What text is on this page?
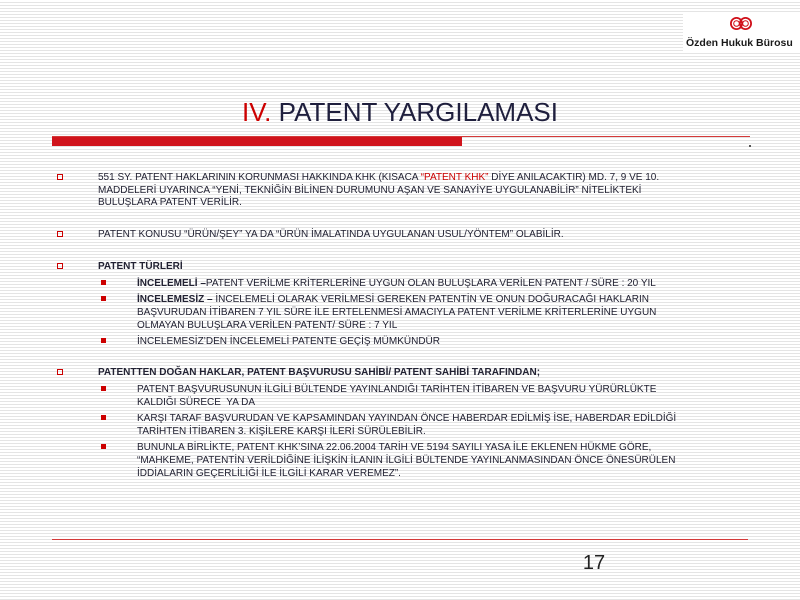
Özden Hukuk Bürosu
IV. PATENT YARGILAMASI
551 SY. PATENT HAKLARININ KORUNMASI HAKKINDA KHK (KISACA “PATENT KHK” DİYE ANILACAKTIR) MD. 7, 9 VE 10.
MADDELERİ UYARINCA “YENİ, TEKNİĞİN BİLİNEN DURUMUNU AŞAN VE SANAYİYE UYGULANABİLİR” NİTELİKTEKİ
BULUŞLARA PATENT VERİLİR.
PATENT KONUSU “ÜRÜN/ŞEY” YA DA “ÜRÜN İMALATINDA UYGULANAN USUL/YÖNTEM” OLABİLİR.
PATENT TÜRLERİ
İNCELEMELİ –PATENT VERİLME KRİTERLERİNE UYGUN OLAN BULUŞLARA VERİLEN PATENT / SÜRE : 20 YIL
İNCELEMESİZ – İNCELEMELİ OLARAK VERİLMESİ GEREKEN PATENTİN VE ONUN DOĞURACAĞI HAKLARIN
BAŞVURUDAN İTİBAREN 7 YIL SÜRE İLE ERTELENMESİ AMACIYLA PATENT VERİLME KRİTERLERİNE UYGUN
OLMAYAN BULUŞLARA VERİLEN PATENT/ SÜRE : 7 YIL
İNCELEMESİZ’DEN İNCELEMELİ PATENTE GEÇİŞ MÜMKÜNDÜR
PATENTTEN DOĞAN HAKLAR, PATENT BAŞVURUSU SAHİBİ/ PATENT SAHİBİ TARAFINDAN;
PATENT BAŞVURUSUNUN İLGİLİ BÜLTENDE YAYINLANDIĞI TARİHTEN İTİBAREN VE BAŞVURU YÜRÜRLÜKTE
KALDIĞI SÜRECE  YA DA
KARŞI TARAF BAŞVURUDAN VE KAPSAMINDAN YAYINDAN ÖNCE HABERDAR EDİLMİŞ İSE, HABERDAR EDİLDİĞİ
TARİHTEN İTİBAREN 3. KİŞİLERE KARŞI İLERİ SÜRÜLEBİLİR.
BUNUNLA BİRLİKTE, PATENT KHK’SINA 22.06.2004 TARİH VE 5194 SAYILI YASA İLE EKLENEN HÜKME GÖRE,
“MAHKEME, PATENTİN VERİLDİĞİNE İLİŞKİN İLANIN İLGİLİ BÜLTENDE YAYINLANMASINDAN ÖNCE ÖNESÜRÜLEN
İDDİALARIN GEÇERLİLİĞİ İLE İLGİLİ KARAR VEREMEZ”.
17
